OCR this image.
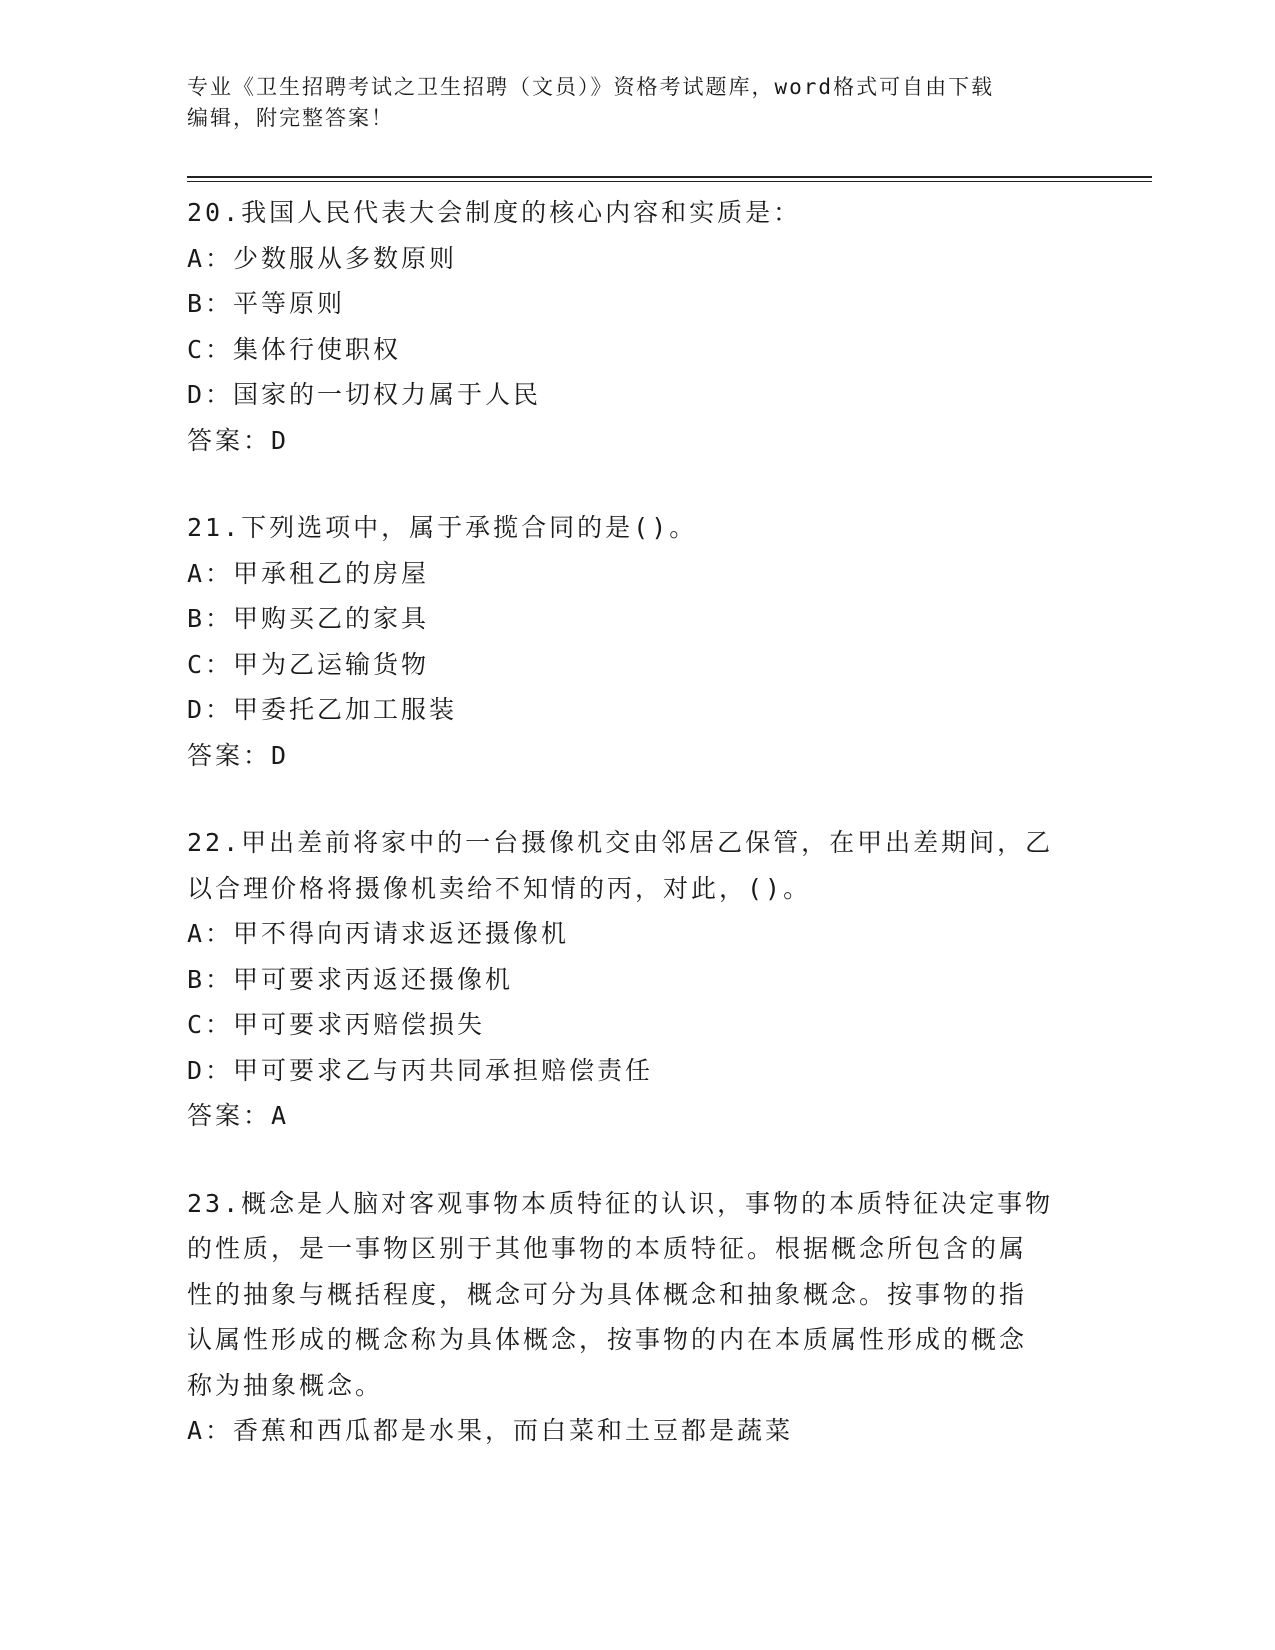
专业《卫生招聘考试之卫生招聘（文员）》资格考试题库，word格式可自由下载
编辑，附完整答案！
20.我国人民代表大会制度的核心内容和实质是：
A：少数服从多数原则
B：平等原则
C：集体行使职权
D：国家的一切权力属于人民
答案：D
21.下列选项中，属于承揽合同的是()。
A：甲承租乙的房屋
B：甲购买乙的家具
C：甲为乙运输货物
D：甲委托乙加工服装
答案：D
22.甲出差前将家中的一台摄像机交由邻居乙保管，在甲出差期间，乙
以合理价格将摄像机卖给不知情的丙，对此，()。
A：甲不得向丙请求返还摄像机
B：甲可要求丙返还摄像机
C：甲可要求丙赔偿损失
D：甲可要求乙与丙共同承担赔偿责任
答案：A
23.概念是人脑对客观事物本质特征的认识，事物的本质特征决定事物
的性质，是一事物区别于其他事物的本质特征。根据概念所包含的属
性的抽象与概括程度，概念可分为具体概念和抽象概念。按事物的指
认属性形成的概念称为具体概念，按事物的内在本质属性形成的概念
称为抽象概念。
A：香蕉和西瓜都是水果，而白菜和土豆都是蔬菜
